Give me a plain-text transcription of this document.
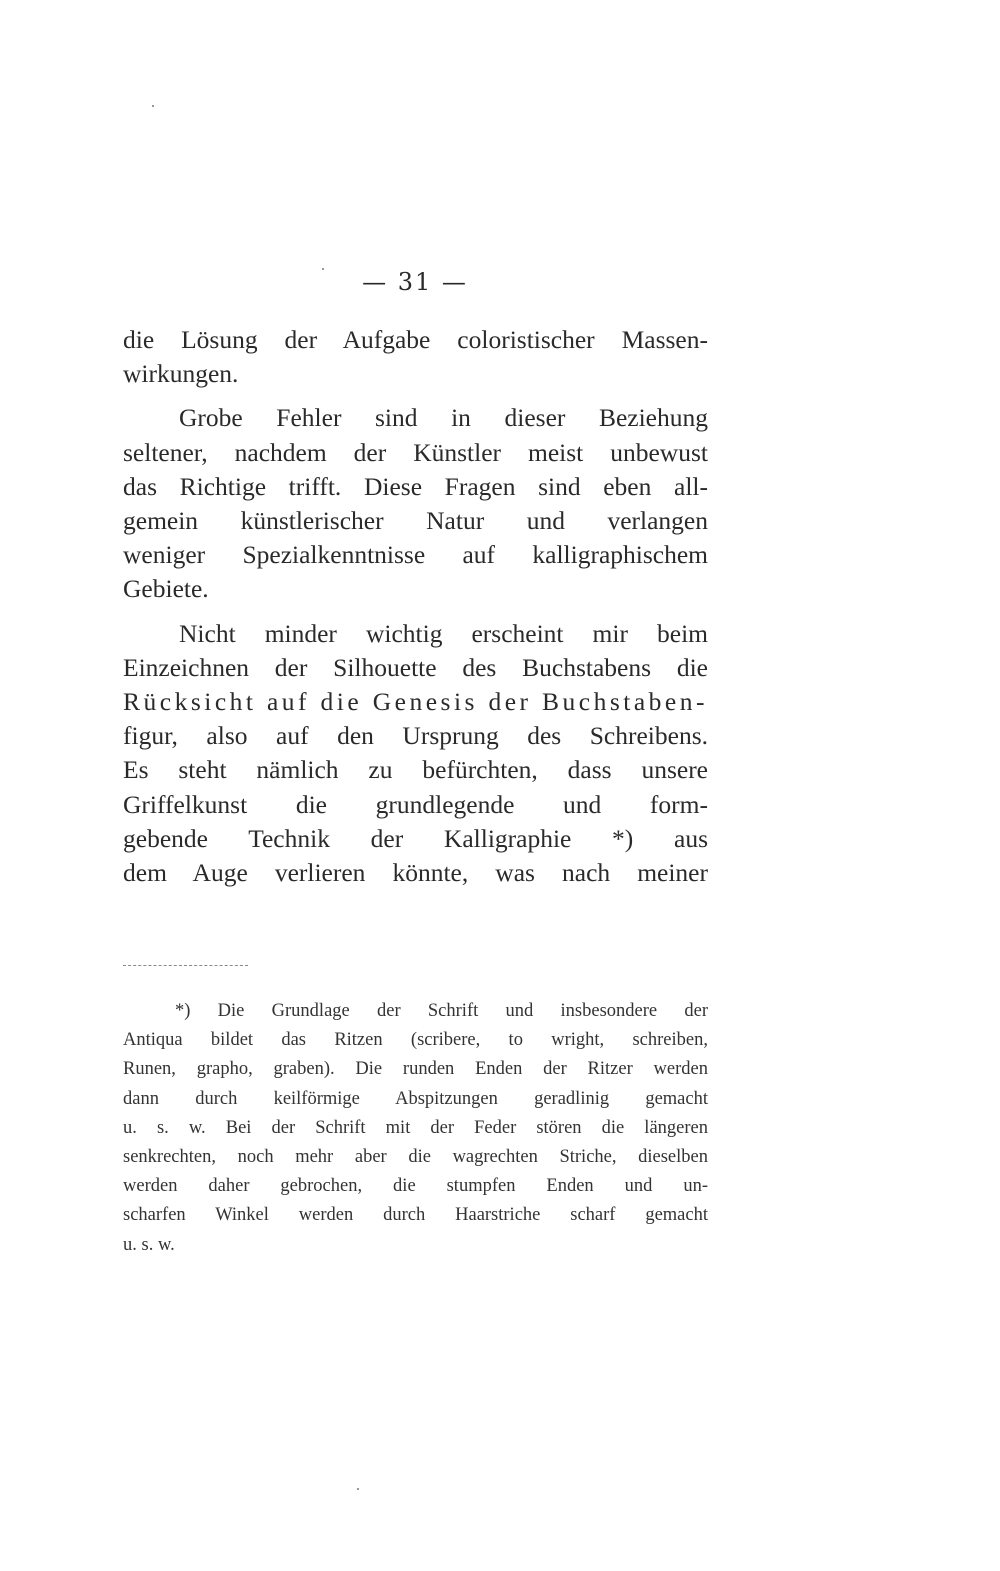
— 31 —

die Lösung der Aufgabe coloristischer Massen-

wirkungen.

Grobe Fehler sind in dieser Beziehung

seltener, nachdem der Künstler meist unbewust

das Richtige trifft. Diese Fragen sind eben all-

gemein künstlerischer Natur und verlangen

weniger Spezialkenntnisse auf kalligraphischem

Gebiete.

Nicht minder wichtig erscheint mir beim

Einzeichnen der Silhouette des Buchstabens die

Rücksicht auf die Genesis der Buchstaben-

figur, also auf den Ursprung des Schreibens.

Es steht nämlich zu befürchten, dass unsere

Griffelkunst die grundlegende und form-

gebende Technik der Kalligraphie *) aus

dem Auge verlieren könnte, was nach meiner

*) Die Grundlage der Schrift und insbesondere der

Antiqua bildet das Ritzen (scribere, to wright, schreiben,

Runen, grapho, graben). Die runden Enden der Ritzer werden

dann durch keilförmige Abspitzungen geradlinig gemacht

u. s. w. Bei der Schrift mit der Feder stören die längeren

senkrechten, noch mehr aber die wagrechten Striche, dieselben

werden daher gebrochen, die stumpfen Enden und un-

scharfen Winkel werden durch Haarstriche scharf gemacht

u. s. w.
